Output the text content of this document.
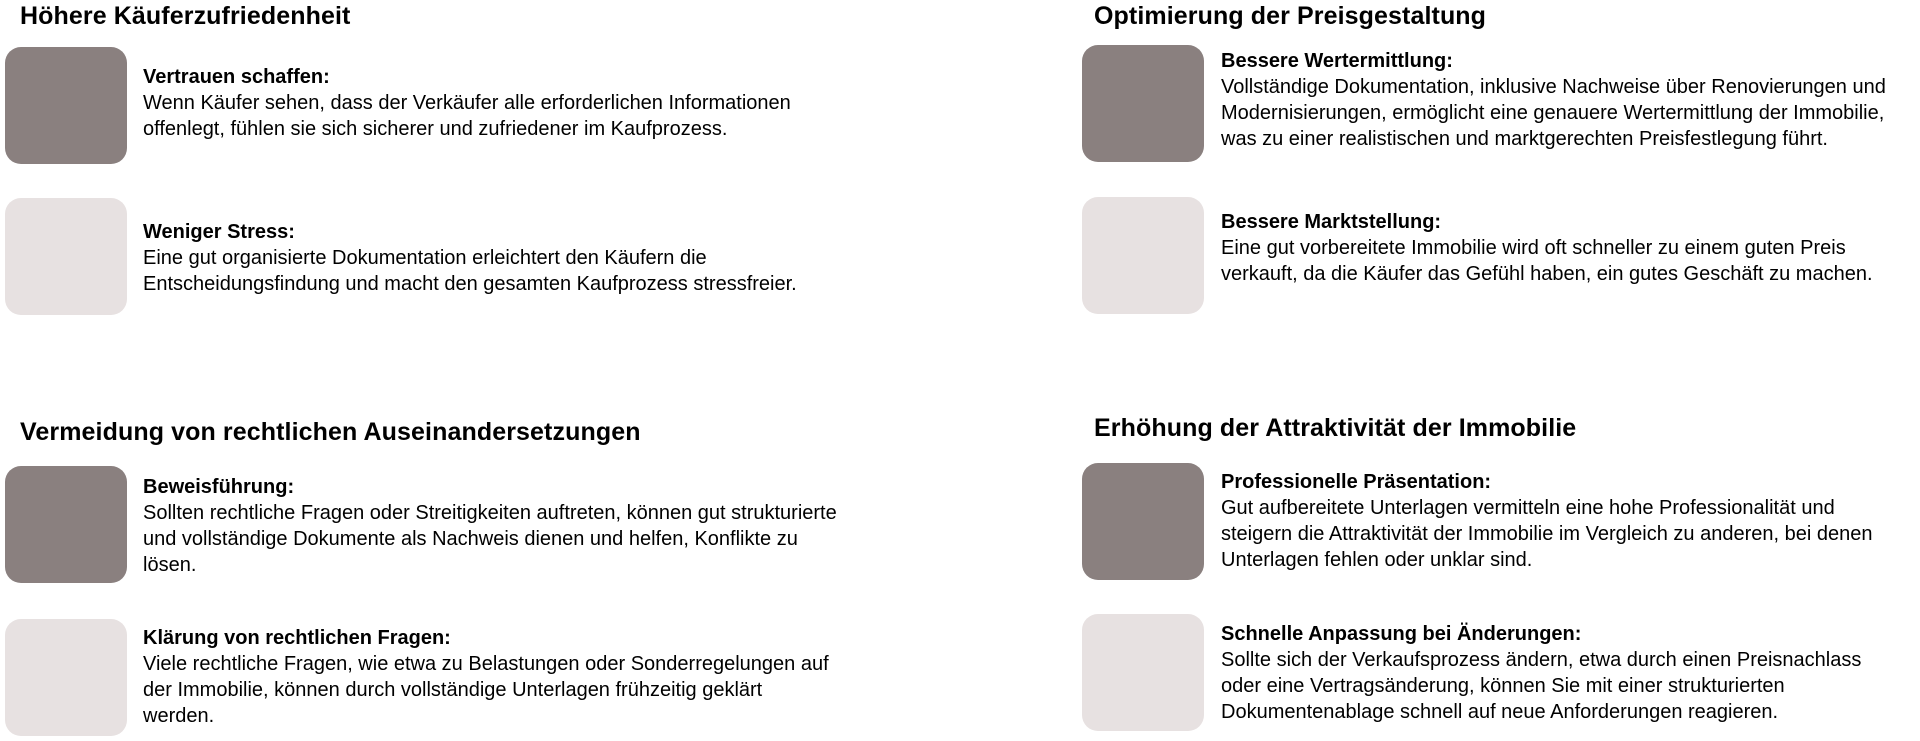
Höhere Käuferzufriedenheit
Vertrauen schaffen:
Wenn Käufer sehen, dass der Verkäufer alle erforderlichen Informationen offenlegt, fühlen sie sich sicherer und zufriedener im Kaufprozess.
Weniger Stress:
Eine gut organisierte Dokumentation erleichtert den Käufern die Entscheidungsfindung und macht den gesamten Kaufprozess stressfreier.
Optimierung der Preisgestaltung
Bessere Wertermittlung:
Vollständige Dokumentation, inklusive Nachweise über Renovierungen und Modernisierungen, ermöglicht eine genauere Wertermittlung der Immobilie, was zu einer realistischen und marktgerechten Preisfestlegung führt.
Bessere Marktstellung:
Eine gut vorbereitete Immobilie wird oft schneller zu einem guten Preis verkauft, da die Käufer das Gefühl haben, ein gutes Geschäft zu machen.
Vermeidung von rechtlichen Auseinandersetzungen
Beweisführung:
Sollten rechtliche Fragen oder Streitigkeiten auftreten, können gut strukturierte und vollständige Dokumente als Nachweis dienen und helfen, Konflikte zu lösen.
Klärung von rechtlichen Fragen:
Viele rechtliche Fragen, wie etwa zu Belastungen oder Sonderregelungen auf der Immobilie, können durch vollständige Unterlagen frühzeitig geklärt werden.
Erhöhung der Attraktivität der Immobilie
Professionelle Präsentation:
Gut aufbereitete Unterlagen vermitteln eine hohe Professionalität und steigern die Attraktivität der Immobilie im Vergleich zu anderen, bei denen Unterlagen fehlen oder unklar sind.
Schnelle Anpassung bei Änderungen:
Sollte sich der Verkaufsprozess ändern, etwa durch einen Preisnachlass oder eine Vertragsänderung, können Sie mit einer strukturierten Dokumentenablage schnell auf neue Anforderungen reagieren.
